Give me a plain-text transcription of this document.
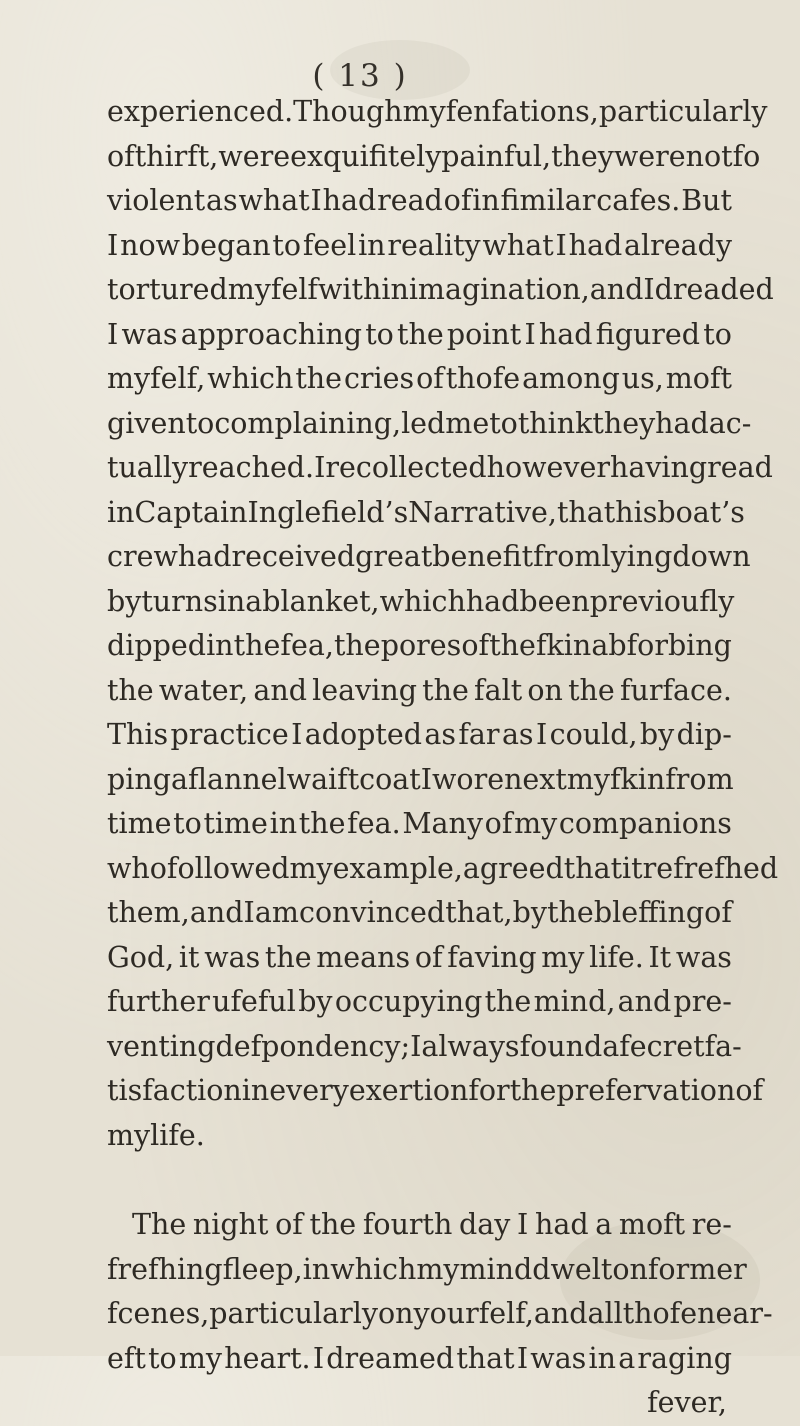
( 13 )
experienced. Though my fenfations, particularly
of thirft, were exquifitely painful, they were not fo
violent as what I had read of in fimilar cafes. But
I now began to feel in reality what I had already
tortured myfelf with in imagination, and I dreaded
I was approaching to the point I had figured to
myfelf, which the cries of thofe among us, moft
given to complaining, led me to think they had ac-
tually reached. I recollected however having read
in Captain Inglefield’s Narrative, that his boat’s
crew had received great benefit from lying down
by turns in a blanket, which had been previoufly
dipped in the fea, the pores of the fkin abforbing
the water, and leaving the falt on the furface.
This practice I adopted as far as I could, by dip-
ping a flannel waiftcoat I wore next my fkin from
time to time in the fea. Many of my companions
who followed my example, agreed that it refrefhed
them, and I am convinced that, by the bleffing of
God, it was the means of faving my life. It was
further ufeful by occupying the mind, and pre-
venting defpondency ; I always found a fecret fa-
tisfaction in every exertion for the prefervation of
my life.
The night of the fourth day I had a moft re-
frefhing fleep, in which my mind dwelt on former
fcenes, particularly on yourfelf, and all thofe near-
eft to my heart. I dreamed that I was in a raging
fever,
